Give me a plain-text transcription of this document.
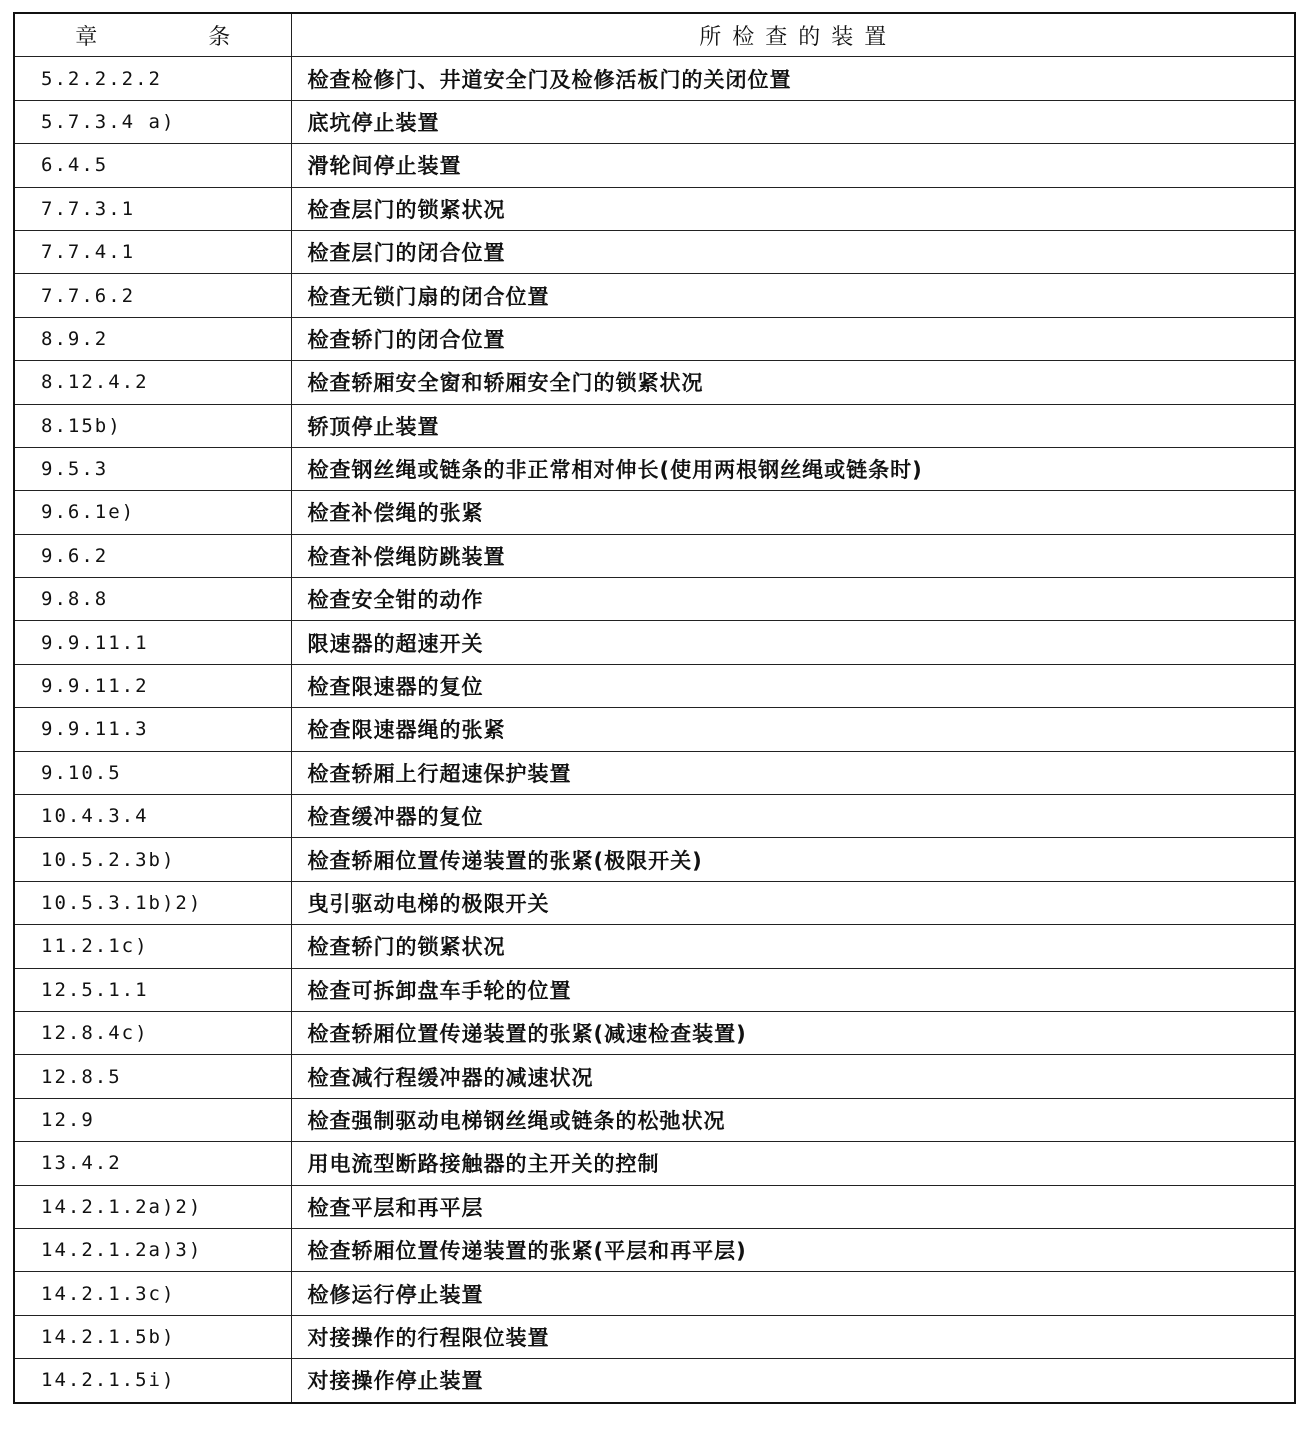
章 条	所检查的装置
5.2.2.2.2	检查检修门、井道安全门及检修活板门的关闭位置
5.7.3.4 a)	底坑停止装置
6.4.5	滑轮间停止装置
7.7.3.1	检查层门的锁紧状况
7.7.4.1	检查层门的闭合位置
7.7.6.2	检查无锁门扇的闭合位置
8.9.2	检查轿门的闭合位置
8.12.4.2	检查轿厢安全窗和轿厢安全门的锁紧状况
8.15b)	轿顶停止装置
9.5.3	检查钢丝绳或链条的非正常相对伸长(使用两根钢丝绳或链条时)
9.6.1e)	检查补偿绳的张紧
9.6.2	检查补偿绳防跳装置
9.8.8	检查安全钳的动作
9.9.11.1	限速器的超速开关
9.9.11.2	检查限速器的复位
9.9.11.3	检查限速器绳的张紧
9.10.5	检查轿厢上行超速保护装置
10.4.3.4	检查缓冲器的复位
10.5.2.3b)	检查轿厢位置传递装置的张紧(极限开关)
10.5.3.1b)2)	曳引驱动电梯的极限开关
11.2.1c)	检查轿门的锁紧状况
12.5.1.1	检查可拆卸盘车手轮的位置
12.8.4c)	检查轿厢位置传递装置的张紧(减速检查装置)
12.8.5	检查减行程缓冲器的减速状况
12.9	检查强制驱动电梯钢丝绳或链条的松弛状况
13.4.2	用电流型断路接触器的主开关的控制
14.2.1.2a)2)	检查平层和再平层
14.2.1.2a)3)	检查轿厢位置传递装置的张紧(平层和再平层)
14.2.1.3c)	检修运行停止装置
14.2.1.5b)	对接操作的行程限位装置
14.2.1.5i)	对接操作停止装置
